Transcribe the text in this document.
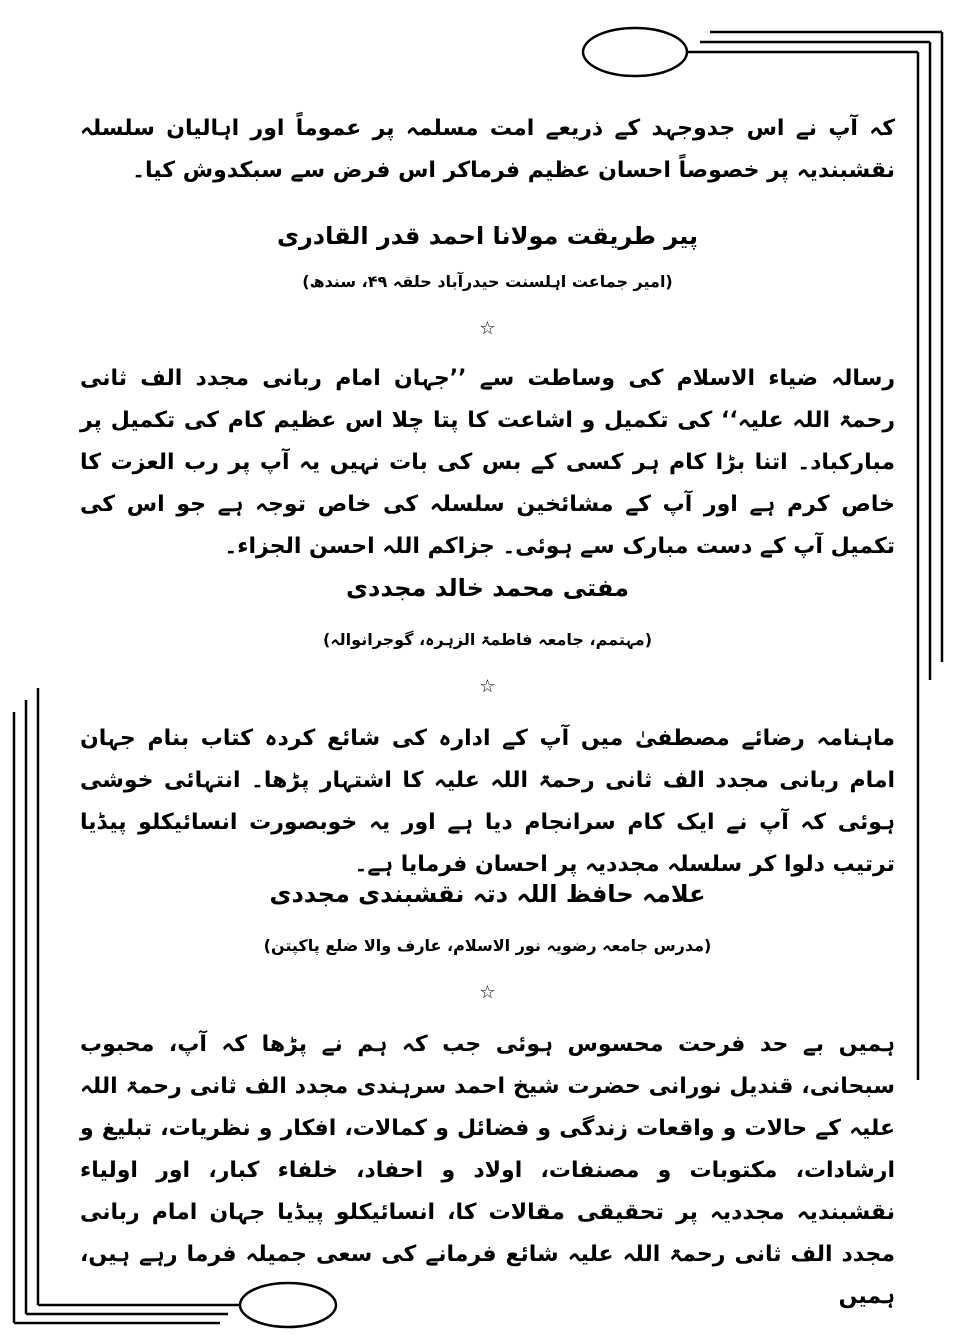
کہ آپ نے اس جدوجہد کے ذریعے امت مسلمہ پر عموماً اور اہالیان سلسلہ نقشبندیہ پر خصوصاً احسان عظیم فرماکر اس فرض سے سبکدوش کیا۔
پیر طریقت مولانا احمد قدر القادری
(امیر جماعت اہلسنت حیدرآباد حلقہ ۴۹، سندھ)
☆
رسالہ ضیاء الاسلام کی وساطت سے ’’جہان امام ربانی مجدد الف ثانی رحمۃ اللہ علیہ‘‘ کی تکمیل و اشاعت کا پتا چلا اس عظیم کام کی تکمیل پر مبارکباد۔ اتنا بڑا کام ہر کسی کے بس کی بات نہیں یہ آپ پر رب العزت کا خاص کرم ہے اور آپ کے مشائخین سلسلہ کی خاص توجہ ہے جو اس کی تکمیل آپ کے دست مبارک سے ہوئی۔ جزاکم اللہ احسن الجزاء۔
مفتی محمد خالد مجددی
(مہتمم، جامعہ فاطمۃ الزہرہ، گوجرانوالہ)
☆
ماہنامہ رضائے مصطفیٰ میں آپ کے ادارہ کی شائع کردہ کتاب بنام جہان امام ربانی مجدد الف ثانی رحمۃ اللہ علیہ کا اشتہار پڑھا۔ انتہائی خوشی ہوئی کہ آپ نے ایک کام سرانجام دیا ہے اور یہ خوبصورت انسائیکلو پیڈیا ترتیب دلوا کر سلسلہ مجددیہ پر احسان فرمایا ہے۔
علامہ حافظ اللہ دتہ نقشبندی مجددی
(مدرس جامعہ رضویہ نور الاسلام، عارف والا ضلع پاکپتن)
☆
ہمیں بے حد فرحت محسوس ہوئی جب کہ ہم نے پڑھا کہ آپ، محبوب سبحانی، قندیل نورانی حضرت شیخ احمد سرہندی مجدد الف ثانی رحمۃ اللہ علیہ کے حالات و واقعات زندگی و فضائل و کمالات، افکار و نظریات، تبلیغ و ارشادات، مکتوبات و مصنفات، اولاد و احفاد، خلفاء کبار، اور اولیاء نقشبندیہ مجددیہ پر تحقیقی مقالات کا، انسائیکلو پیڈیا جہان امام ربانی مجدد الف ثانی رحمۃ اللہ علیہ شائع فرمانے کی سعی جمیلہ فرما رہے ہیں، ہمیں
